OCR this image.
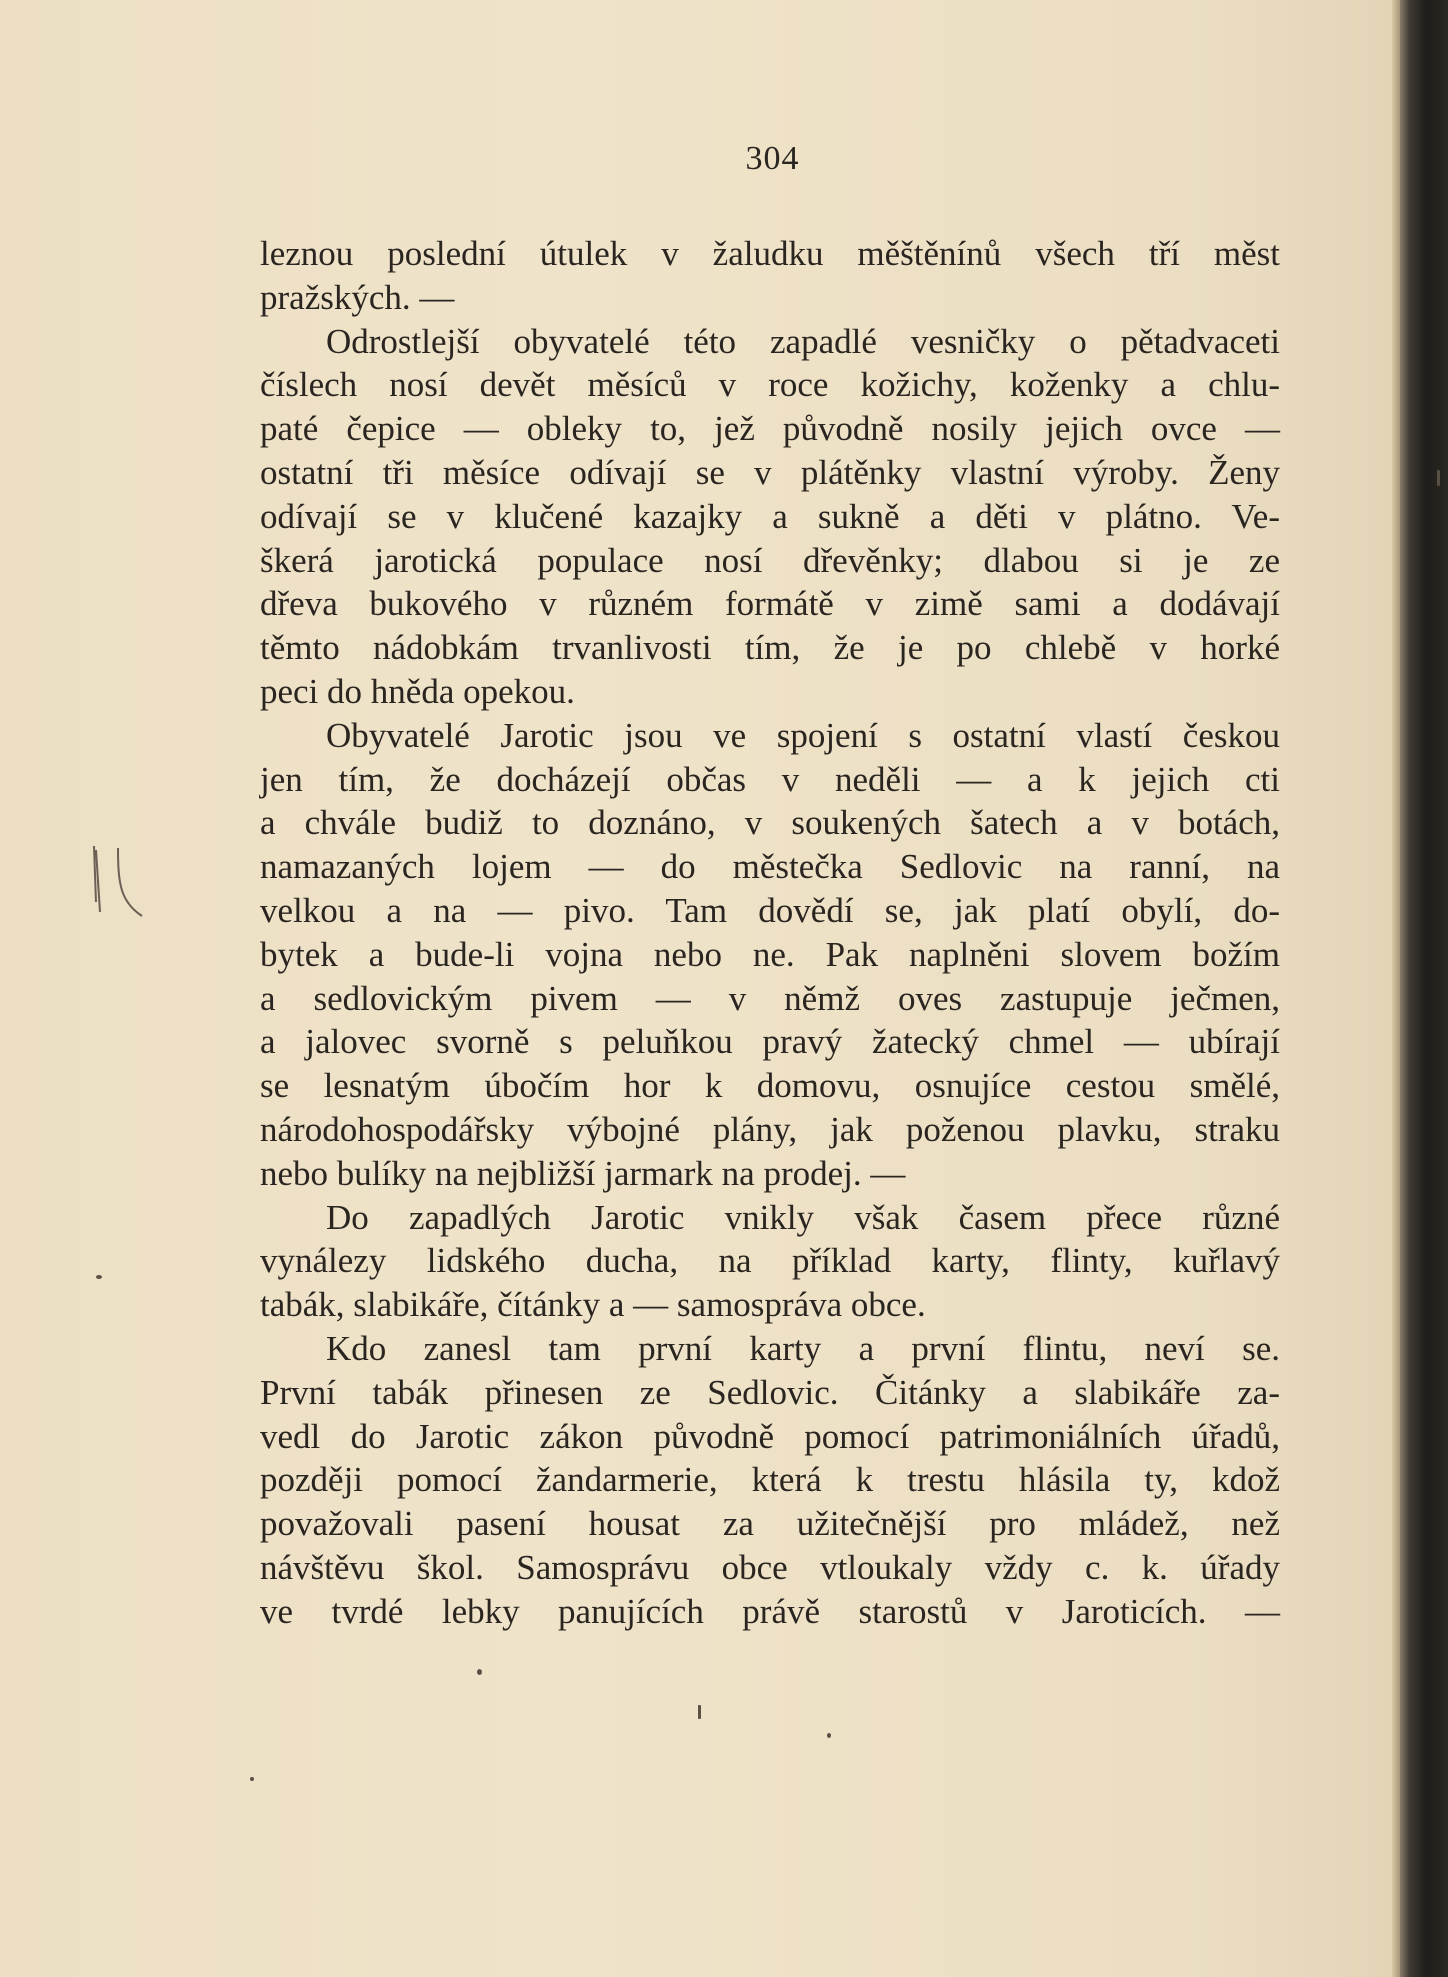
304
leznou poslední útulek v žaludku měštěnínů všech tří měst
pražských. —
Odrostlejší obyvatelé této zapadlé vesničky o pětadvaceti
číslech nosí devět měsíců v roce kožichy, koženky a chlu-
paté čepice — obleky to, jež původně nosily jejich ovce —
ostatní tři měsíce odívají se v plátěnky vlastní výroby. Ženy
odívají se v klučené kazajky a sukně a děti v plátno. Ve-
škerá jarotická populace nosí dřevěnky; dlabou si je ze
dřeva bukového v různém formátě v zimě sami a dodávají
těmto nádobkám trvanlivosti tím, že je po chlebě v horké
peci do hněda opekou.
Obyvatelé Jarotic jsou ve spojení s ostatní vlastí českou
jen tím, že docházejí občas v neděli — a k jejich cti
a chvále budiž to doznáno, v soukených šatech a v botách,
namazaných lojem — do městečka Sedlovic na ranní, na
velkou a na — pivo. Tam dovědí se, jak platí obylí, do-
bytek a bude-li vojna nebo ne. Pak naplněni slovem božím
a sedlovickým pivem — v němž oves zastupuje ječmen,
a jalovec svorně s peluňkou pravý žatecký chmel — ubírají
se lesnatým úbočím hor k domovu, osnujíce cestou smělé,
národohospodářsky výbojné plány, jak poženou plavku, straku
nebo bulíky na nejbližší jarmark na prodej. —
Do zapadlých Jarotic vnikly však časem přece různé
vynálezy lidského ducha, na příklad karty, flinty, kuřlavý
tabák, slabikáře, čítánky a — samospráva obce.
Kdo zanesl tam první karty a první flintu, neví se.
První tabák přinesen ze Sedlovic. Čitánky a slabikáře za-
vedl do Jarotic zákon původně pomocí patrimoniálních úřadů,
později pomocí žandarmerie, která k trestu hlásila ty, kdož
považovali pasení housat za užitečnější pro mládež, než
návštěvu škol. Samosprávu obce vtloukaly vždy c. k. úřady
ve tvrdé lebky panujících právě starostů v Jaroticích. —
